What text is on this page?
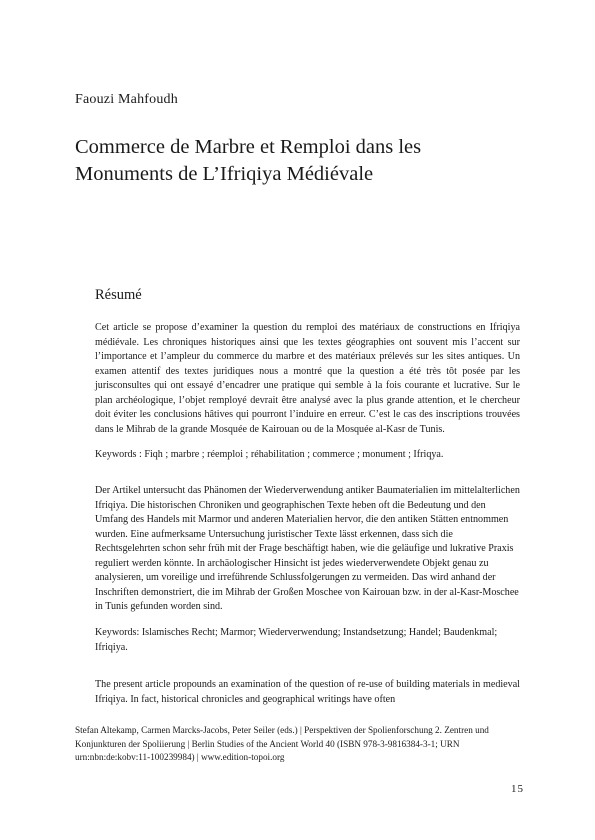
Faouzi Mahfoudh
Commerce de Marbre et Remploi dans les Monuments de L’Ifriqiya Médiévale
Résumé
Cet article se propose d’examiner la question du remploi des matériaux de constructions en Ifriqiya médiévale. Les chroniques historiques ainsi que les textes géographies ont souvent mis l’accent sur l’importance et l’ampleur du commerce du marbre et des matériaux prélevés sur les sites antiques. Un examen attentif des textes juridiques nous a montré que la question a été très tôt posée par les jurisconsultes qui ont essayé d’encadrer une pratique qui semble à la fois courante et lucrative. Sur le plan archéologique, l’objet remployé devrait être analysé avec la plus grande attention, et le chercheur doit éviter les conclusions hâtives qui pourront l’induire en erreur. C’est le cas des inscriptions trouvées dans le Mihrab de la grande Mosquée de Kairouan ou de la Mosquée al-Kasr de Tunis.
Keywords : Fiqh ; marbre ; réemploi ; réhabilitation ; commerce ; monument ; Ifriqya.
Der Artikel untersucht das Phänomen der Wiederverwendung antiker Baumaterialien im mittelalterlichen Ifriqiya. Die historischen Chroniken und geographischen Texte heben oft die Bedeutung und den Umfang des Handels mit Marmor und anderen Materialien hervor, die den antiken Stätten entnommen wurden. Eine aufmerksame Untersuchung juristischer Texte lässt erkennen, dass sich die Rechtsgelehrten schon sehr früh mit der Frage beschäftigt haben, wie die geläufige und lukrative Praxis reguliert werden könnte. In archäologischer Hinsicht ist jedes wiederverwendete Objekt genau zu analysieren, um voreilige und irreführende Schlussfolgerungen zu vermeiden. Das wird anhand der Inschriften demonstriert, die im Mihrab der Großen Moschee von Kairouan bzw. in der al-Kasr-Moschee in Tunis gefunden worden sind.
Keywords: Islamisches Recht; Marmor; Wiederverwendung; Instandsetzung; Handel; Baudenkmal; Ifriqiya.
The present article propounds an examination of the question of re-use of building materials in medieval Ifriqiya. In fact, historical chronicles and geographical writings have often
Stefan Altekamp, Carmen Marcks-Jacobs, Peter Seiler (eds.) | Perspektiven der Spolienforschung 2. Zentren und Konjunkturen der Spoliierung | Berlin Studies of the Ancient World 40 (ISBN 978-3-9816384-3-1; URN urn:nbn:de:kobv:11-100239984) | www.edition-topoi.org
15
